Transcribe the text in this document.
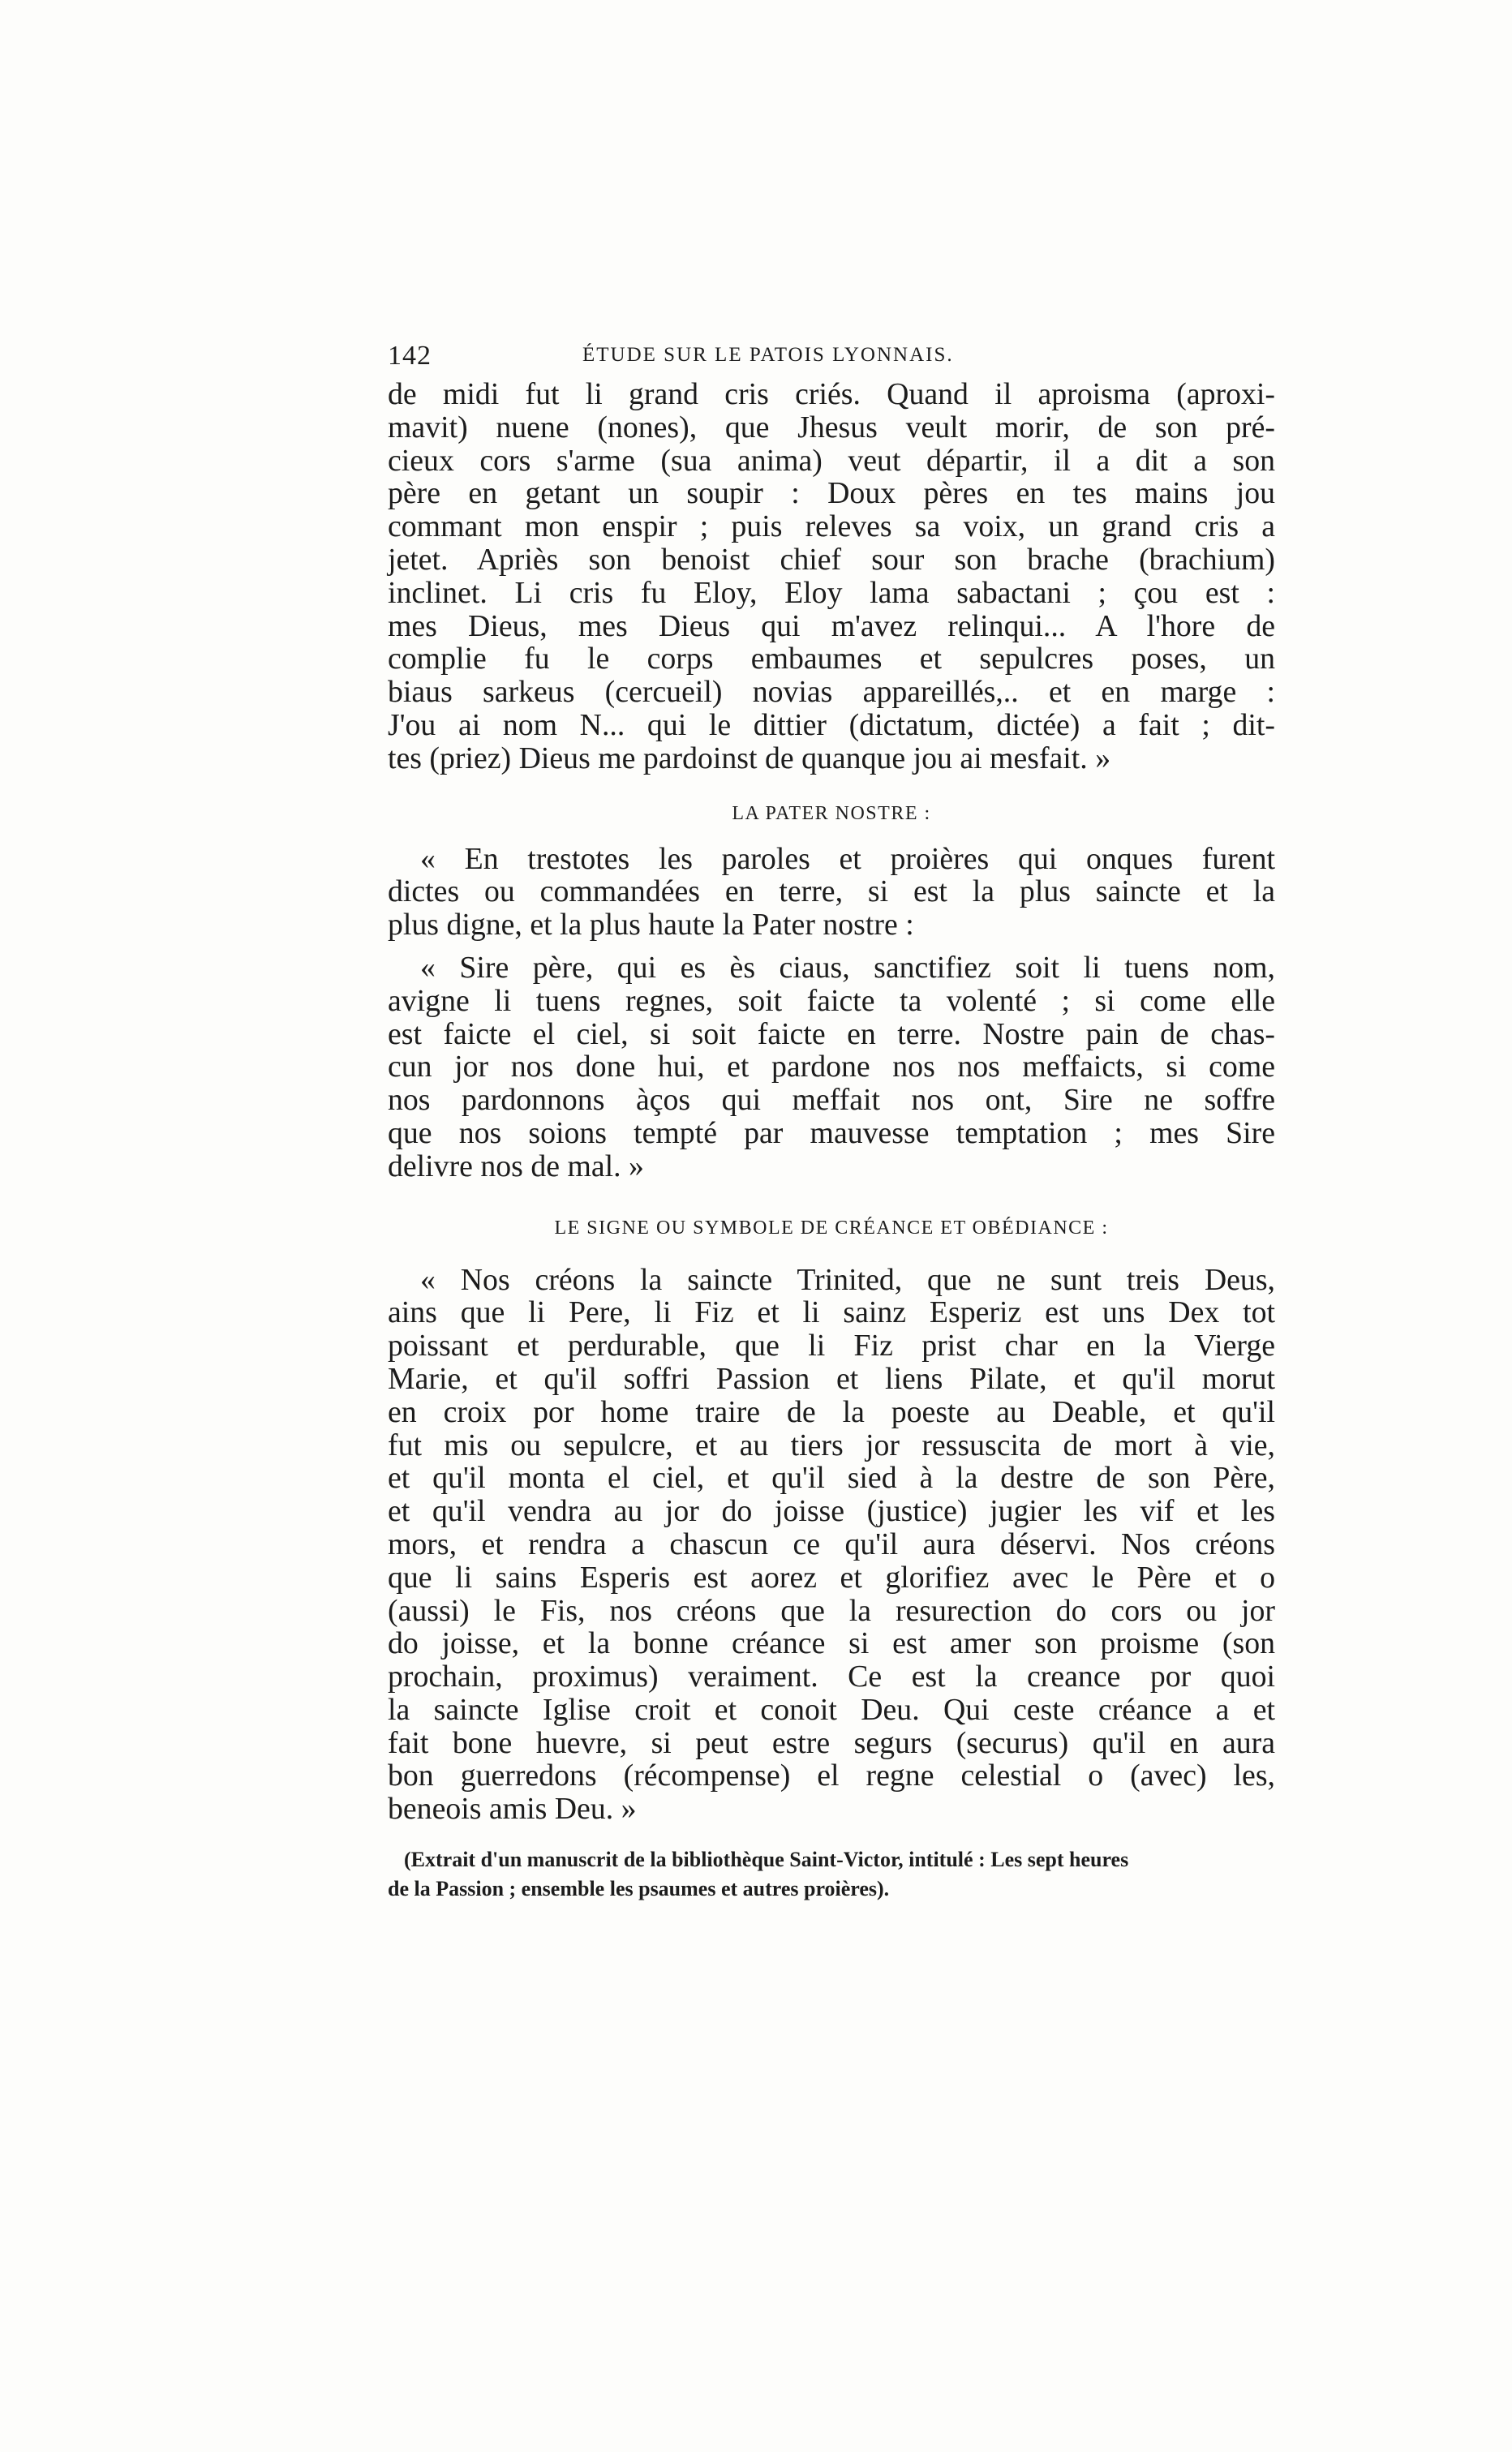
142	ÉTUDE SUR LE PATOIS LYONNAIS.

de midi fut li grand cris criés. Quand il aproisma (aproxi-
mavit) nuene (nones), que Jhesus veult morir, de son pré-
cieux cors s'arme (sua anima) veut départir, il a dit a son
père en getant un soupir : Doux pères en tes mains jou
commant mon enspir ; puis releves sa voix, un grand cris a
jetet. Apriès son benoist chief sour son brache (brachium)
inclinet. Li cris fu Eloy, Eloy lama sabactani ; çou est :
mes Dieus, mes Dieus qui m'avez relinqui... A l'hore de
complie fu le corps embaumes et sepulcres poses, un
biaus sarkeus (cercueil) novias appareillés,.. et en marge :
J'ou ai nom N... qui le dittier (dictatum, dictée) a fait ; dit-
tes (priez) Dieus me pardoinst de quanque jou ai mesfait. »

LA PATER NOSTRE :

« En trestotes les paroles et proières qui onques furent
dictes ou commandées en terre, si est la plus saincte et la
plus digne, et la plus haute la Pater nostre :

« Sire père, qui es ès ciaus, sanctifiez soit li tuens nom,
avigne li tuens regnes, soit faicte ta volenté ; si come elle
est faicte el ciel, si soit faicte en terre. Nostre pain de chas-
cun jor nos done hui, et pardone nos nos meffaicts, si come
nos pardonnons àços qui meffait nos ont, Sire ne soffre
que nos soions tempté par mauvesse temptation ; mes Sire
delivre nos de mal. »

LE SIGNE OU SYMBOLE DE CRÉANCE ET OBÉDIANCE :

« Nos créons la saincte Trinited, que ne sunt treis Deus,
ains que li Pere, li Fiz et li sainz Esperiz est uns Dex tot
poissant et perdurable, que li Fiz prist char en la Vierge
Marie, et qu'il soffri Passion et liens Pilate, et qu'il morut
en croix por home traire de la poeste au Deable, et qu'il
fut mis ou sepulcre, et au tiers jor ressuscita de mort à vie,
et qu'il monta el ciel, et qu'il sied à la destre de son Père,
et qu'il vendra au jor do joisse (justice) jugier les vif et les
mors, et rendra a chascun ce qu'il aura déservi. Nos créons
que li sains Esperis est aorez et glorifiez avec le Père et o
(aussi) le Fis, nos créons que la resurection do cors ou jor
do joisse, et la bonne créance si est amer son proisme (son
prochain, proximus) veraiment. Ce est la creance por quoi
la saincte Iglise croit et conoit Deu. Qui ceste créance a et
fait bone huevre, si peut estre segurs (securus) qu'il en aura
bon guerredons (récompense) el regne celestial o (avec) les,
beneois amis Deu. »

(Extrait d'un manuscrit de la bibliothèque Saint-Victor, intitulé : Les sept heures
de la Passion ; ensemble les psaumes et autres proières).
